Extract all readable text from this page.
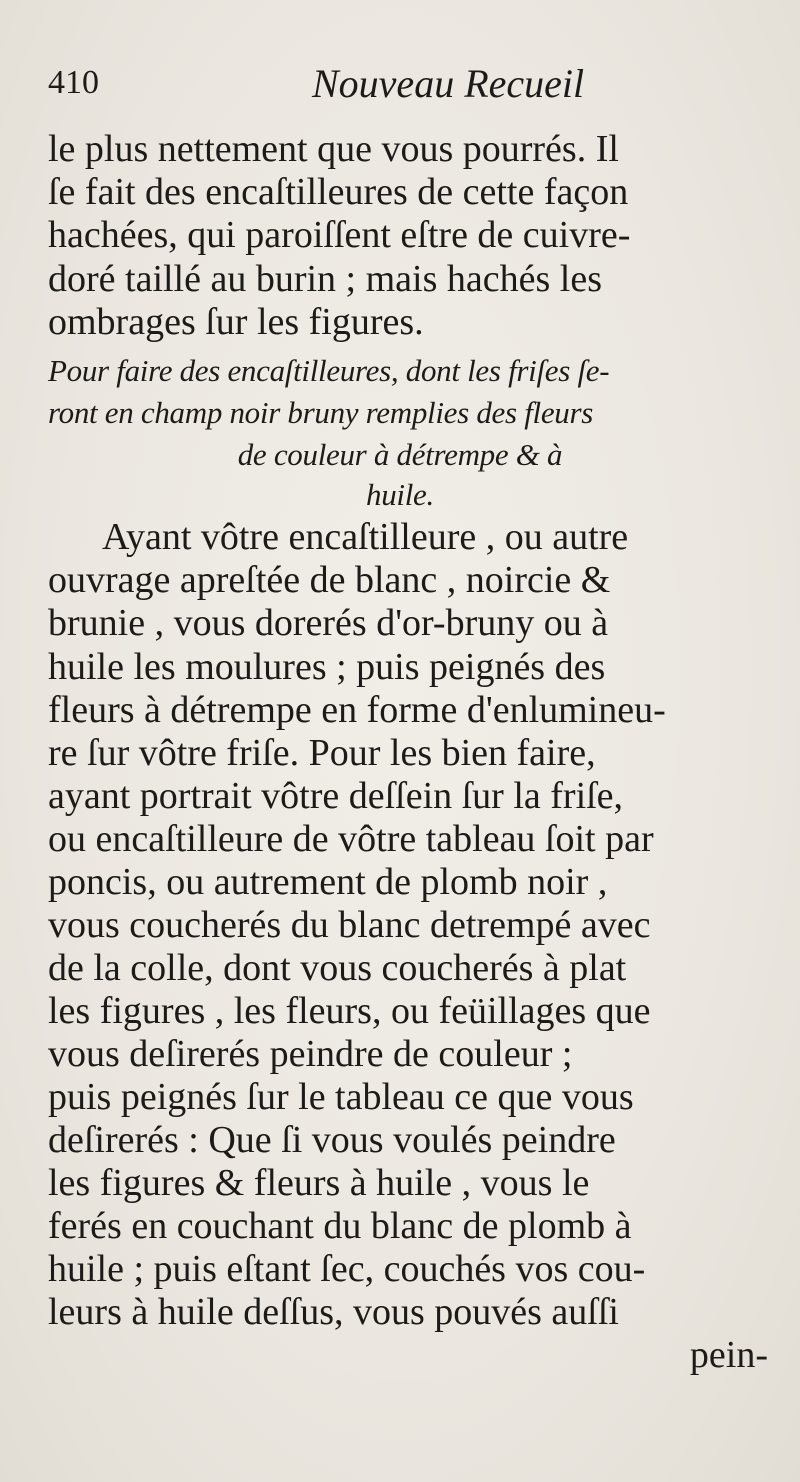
410	Nouveau Recueil
le plus nettement que vous pourrés. Il
ſe fait des encaſtilleures de cette façon
hachées, qui paroiſſent eſtre de cuivre-
doré taillé au burin ; mais hachés les
ombrages ſur les figures.
Pour faire des encaſtilleures, dont les friſes ſe-
ront en champ noir bruny remplies des fleurs
de couleur à détrempe & à
huile.
Ayant vôtre encaſtilleure , ou autre
ouvrage apreſtée de blanc , noircie &
brunie , vous dorerés d'or-bruny ou à
huile les moulures ; puis peignés des
fleurs à détrempe en forme d'enlumineu-
re ſur vôtre friſe. Pour les bien faire,
ayant portrait vôtre deſſein ſur la friſe,
ou encaſtilleure de vôtre tableau ſoit par
poncis, ou autrement de plomb noir ,
vous coucherés du blanc detrempé avec
de la colle, dont vous coucherés à plat
les figures , les fleurs, ou feüillages que
vous deſirerés peindre de couleur ;
puis peignés ſur le tableau ce que vous
deſirerés : Que ſi vous voulés peindre
les figures & fleurs à huile , vous le
ferés en couchant du blanc de plomb à
huile ; puis eſtant ſec, couchés vos cou-
leurs à huile deſſus, vous pouvés auſſi
pein-
